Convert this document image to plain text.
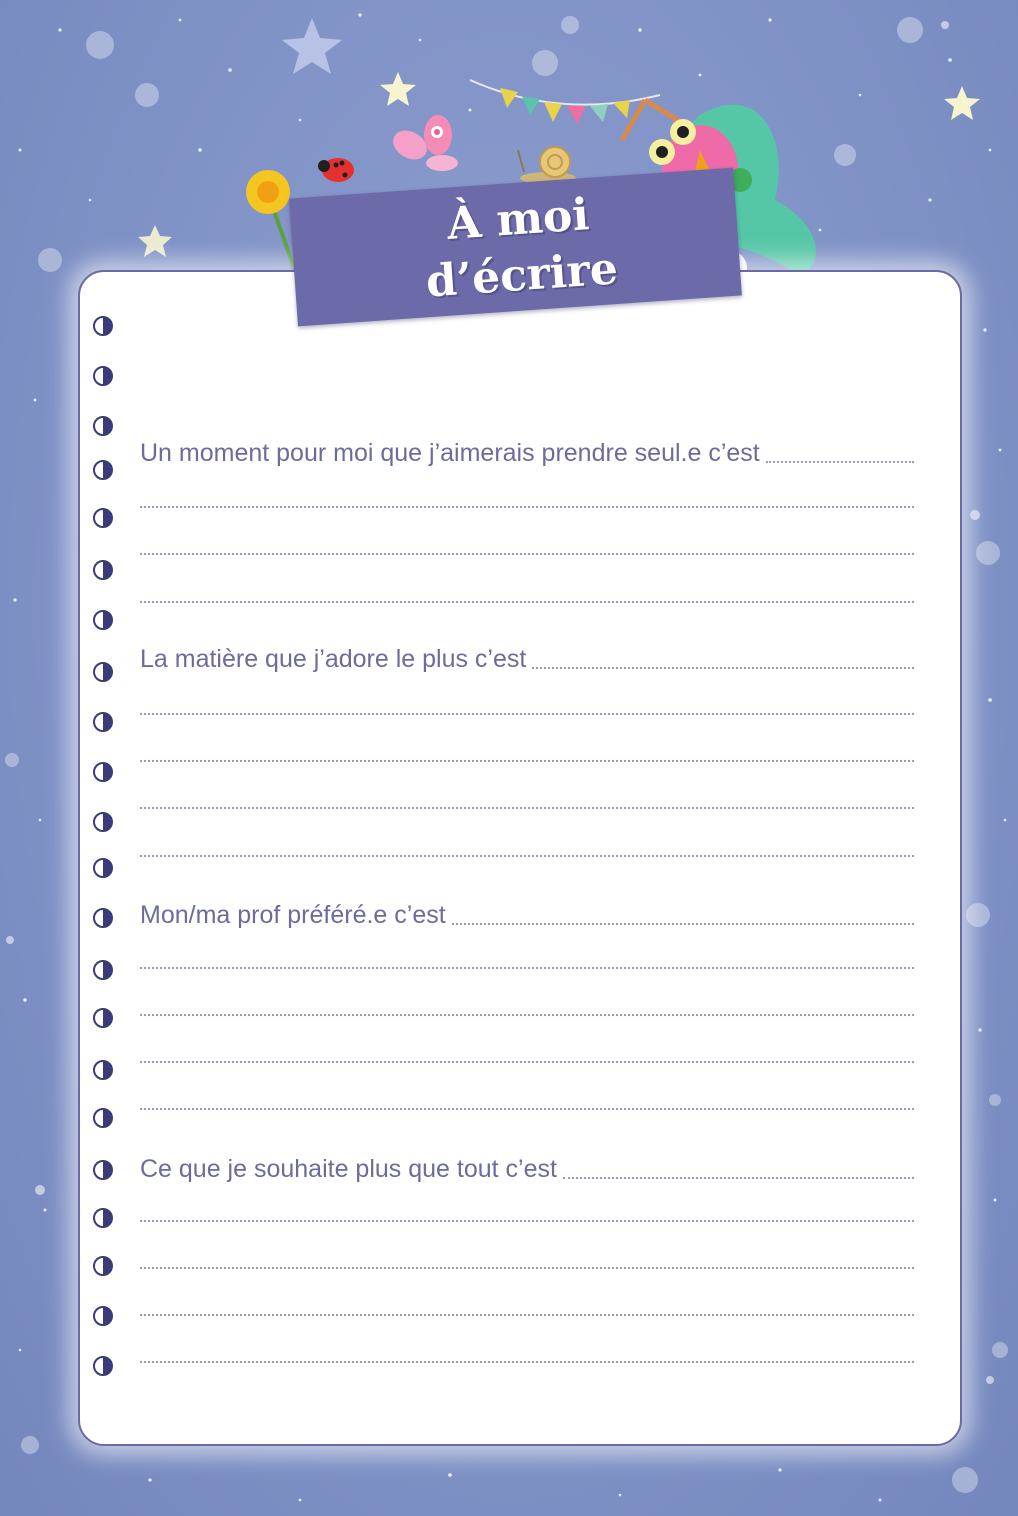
À moi
d’écrire
Un moment pour moi que j’aimerais prendre seul.e c’est
La matière que j’adore le plus c’est
Mon/ma prof préféré.e c’est
Ce que je souhaite plus que tout c’est
